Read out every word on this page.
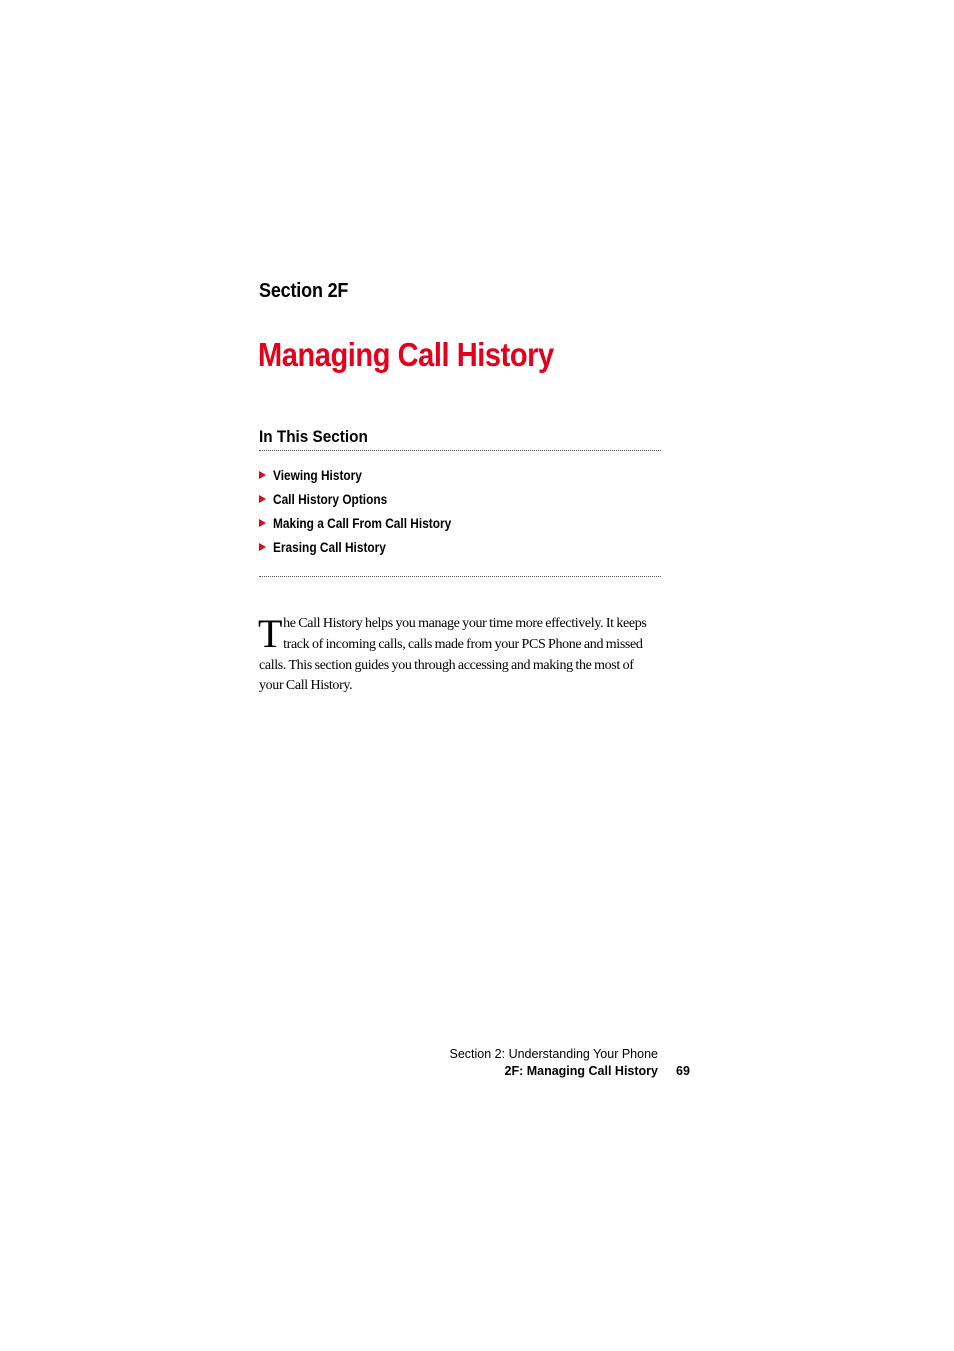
Section 2F
Managing Call History
In This Section
Viewing History
Call History Options
Making a Call From Call History
Erasing Call History

The Call History helps you manage your time more effectively. It keeps track of incoming calls, calls made from your PCS Phone and missed calls. This section guides you through accessing and making the most of your Call History.

Section 2: Understanding Your Phone
2F: Managing Call History 69
